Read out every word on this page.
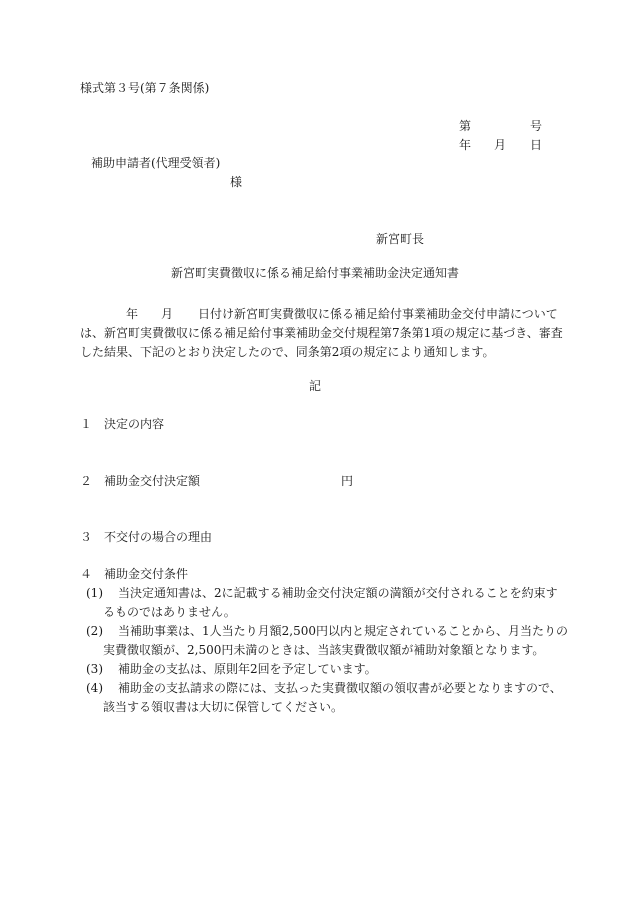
様式第３号(第７条関係)
第	号
年 月 日
補助申請者(代理受領者)
様
新宮町長
新宮町実費徴収に係る補足給付事業補助金決定通知書
年 月 日付け新宮町実費徴収に係る補足給付事業補助金交付申請について
は、新宮町実費徴収に係る補足給付事業補助金交付規程第7条第1項の規定に基づき、審査
した結果、下記のとおり決定したので、同条第2項の規定により通知します。
記
１　決定の内容
２　補助金交付決定額	円
３　不交付の場合の理由
４　補助金交付条件
(1) 当決定通知書は、2に記載する補助金交付決定額の満額が交付されることを約束す
るものではありません。
(2) 当補助事業は、1人当たり月額2,500円以内と規定されていることから、月当たりの
実費徴収額が、2,500円未満のときは、当該実費徴収額が補助対象額となります。
(3) 補助金の支払は、原則年2回を予定しています。
(4) 補助金の支払請求の際には、支払った実費徴収額の領収書が必要となりますので、
該当する領収書は大切に保管してください。
